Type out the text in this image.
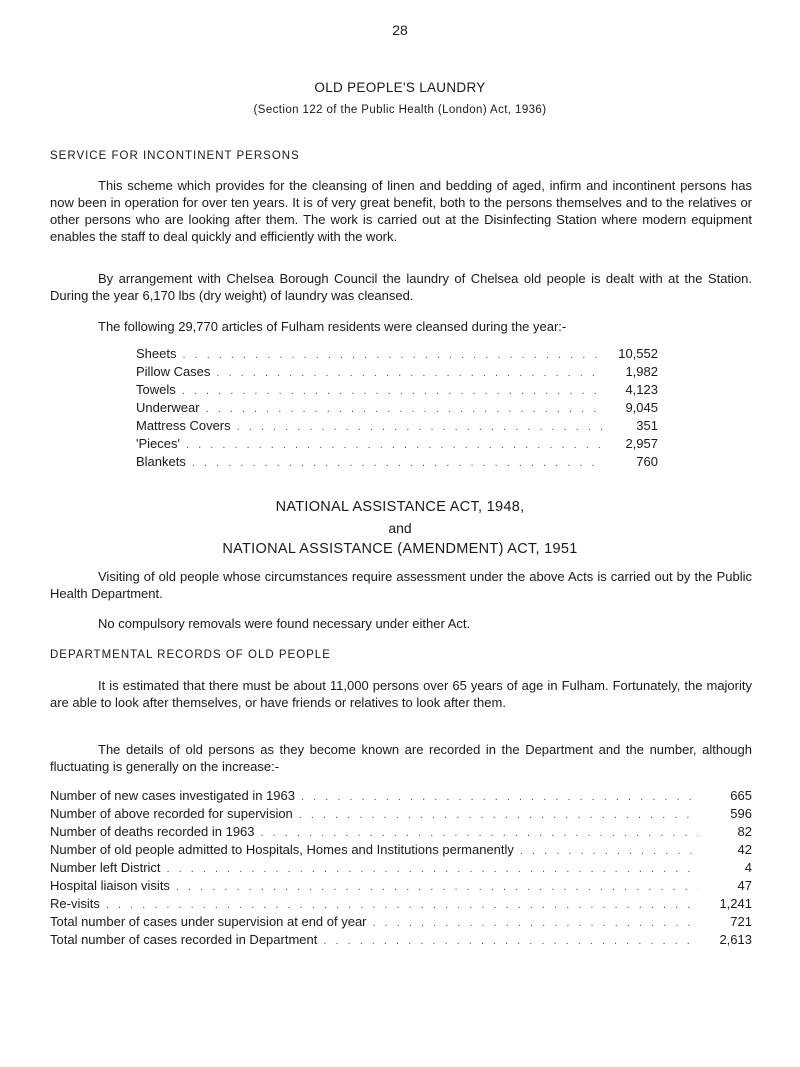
28
OLD PEOPLE'S LAUNDRY
(Section 122 of the Public Health (London) Act, 1936)
SERVICE FOR INCONTINENT PERSONS

This scheme which provides for the cleansing of linen and bedding of aged, infirm and incontinent persons has now been in operation for over ten years. It is of very great benefit, both to the persons themselves and to the relatives or other persons who are looking after them. The work is carried out at the Disinfecting Station where modern equipment enables the staff to deal quickly and efficiently with the work.

By arrangement with Chelsea Borough Council the laundry of Chelsea old people is dealt with at the Station. During the year 6,170 lbs (dry weight) of laundry was cleansed.

The following 29,770 articles of Fulham residents were cleansed during the year:-
Sheets . . .	10,552
Pillow Cases . . .	1,982
Towels . . .	4,123
Underwear . . .	9,045
Mattress Covers . . .	351
'Pieces' . . .	2,957
Blankets . . .	760
NATIONAL ASSISTANCE ACT, 1948,
and
NATIONAL ASSISTANCE (AMENDMENT) ACT, 1951

Visiting of old people whose circumstances require assessment under the above Acts is carried out by the Public Health Department.

No compulsory removals were found necessary under either Act.

DEPARTMENTAL RECORDS OF OLD PEOPLE

It is estimated that there must be about 11,000 persons over 65 years of age in Fulham. Fortunately, the majority are able to look after themselves, or have friends or relatives to look after them.

The details of old persons as they become known are recorded in the Department and the number, although fluctuating is generally on the increase:-

Number of new cases investigated in 1963 . . .	665
Number of above recorded for supervision . . .	596
Number of deaths recorded in 1963 . . .	82
Number of old people admitted to Hospitals, Homes and Institutions permanently . . .	42
Number left District . . .	4
Hospital liaison visits . . .	47
Re-visits . . .	1,241
Total number of cases under supervision at end of year . . .	721
Total number of cases recorded in Department . . .	2,613
